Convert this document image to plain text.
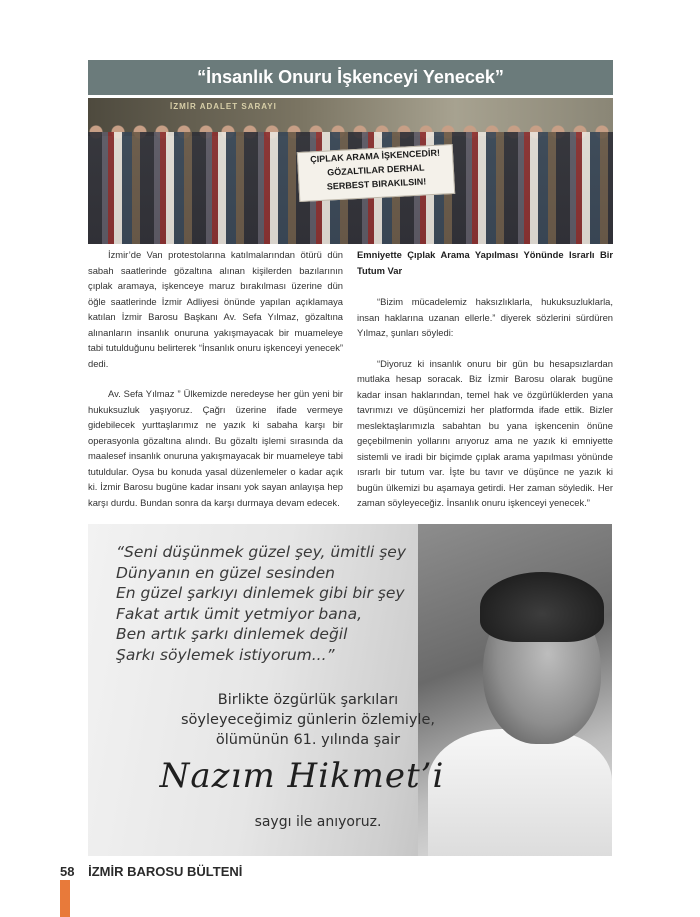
“İnsanlık Onuru İşkenceyi Yenecek”
İZMİR ADALET SARAYI
ÇIPLAK ARAMA İŞKENCEDİR!
GÖZALTILAR DERHAL
SERBEST BIRAKILSIN!

İzmir’de Van protestolarına katılmalarından ötürü dün sabah saatlerinde gözaltına alınan kişilerden bazılarının çıplak aramaya, işkenceye maruz bırakılması üzerine dün öğle saatlerinde İzmir Adliyesi önünde yapılan açıklamaya katılan İzmir Barosu Başkanı Av. Sefa Yılmaz, gözaltına alınanların insanlık onuruna yakışmayacak bir muameleye tabi tutulduğunu belirterek “İnsanlık onuru işkenceyi yenecek” dedi.

Av. Sefa Yılmaz ” Ülkemizde neredeyse her gün yeni bir hukuksuzluk yaşıyoruz. Çağrı üzerine ifade vermeye gidebilecek yurttaşlarımız ne yazık ki sabaha karşı bir operasyonla gözaltına alındı. Bu gözaltı işlemi sırasında da maalesef insanlık onuruna yakışmayacak bir muameleye tabi tutuldular. Oysa bu konuda yasal düzenlemeler o kadar açık ki. İzmir Barosu bugüne kadar insanı yok sayan anlayışa hep karşı durdu. Bundan sonra da karşı durmaya devam edecek.

Emniyette Çıplak Arama Yapılması Yönünde Israrlı Bir Tutum Var

“Bizim mücadelemiz haksızlıklarla, hukuksuzluklarla, insan haklarına uzanan ellerle.” diyerek sözlerini sürdüren Yılmaz, şunları söyledi:

“Diyoruz ki insanlık onuru bir gün bu hesapsızlardan mutlaka hesap soracak. Biz İzmir Barosu olarak bugüne kadar insan haklarından, temel hak ve özgürlüklerden yana tavrımızı ve düşüncemizi her platformda ifade ettik. Bizler meslektaşlarımızla sabahtan bu yana işkencenin önüne geçebilmenin yollarını arıyoruz ama ne yazık ki emniyette sistemli ve iradi bir biçimde çıplak arama yapılması yönünde ısrarlı bir tutum var. İşte bu tavır ve düşünce ne yazık ki bugün ülkemizi bu aşamaya getirdi. Her zaman söyledik. Her zaman söyleyeceğiz. İnsanlık onuru işkenceyi yenecek.”

“Seni düşünmek güzel şey, ümitli şey
Dünyanın en güzel sesinden
En güzel şarkıyı dinlemek gibi bir şey
Fakat artık ümit yetmiyor bana,
Ben artık şarkı dinlemek değil
Şarkı söylemek istiyorum...”
Birlikte özgürlük şarkıları
söyleyeceğimiz günlerin özlemiyle,
ölümünün 61. yılında şair
Nazım Hikmet’i
saygı ile anıyoruz.
58 İZMİR BAROSU BÜLTENİ
